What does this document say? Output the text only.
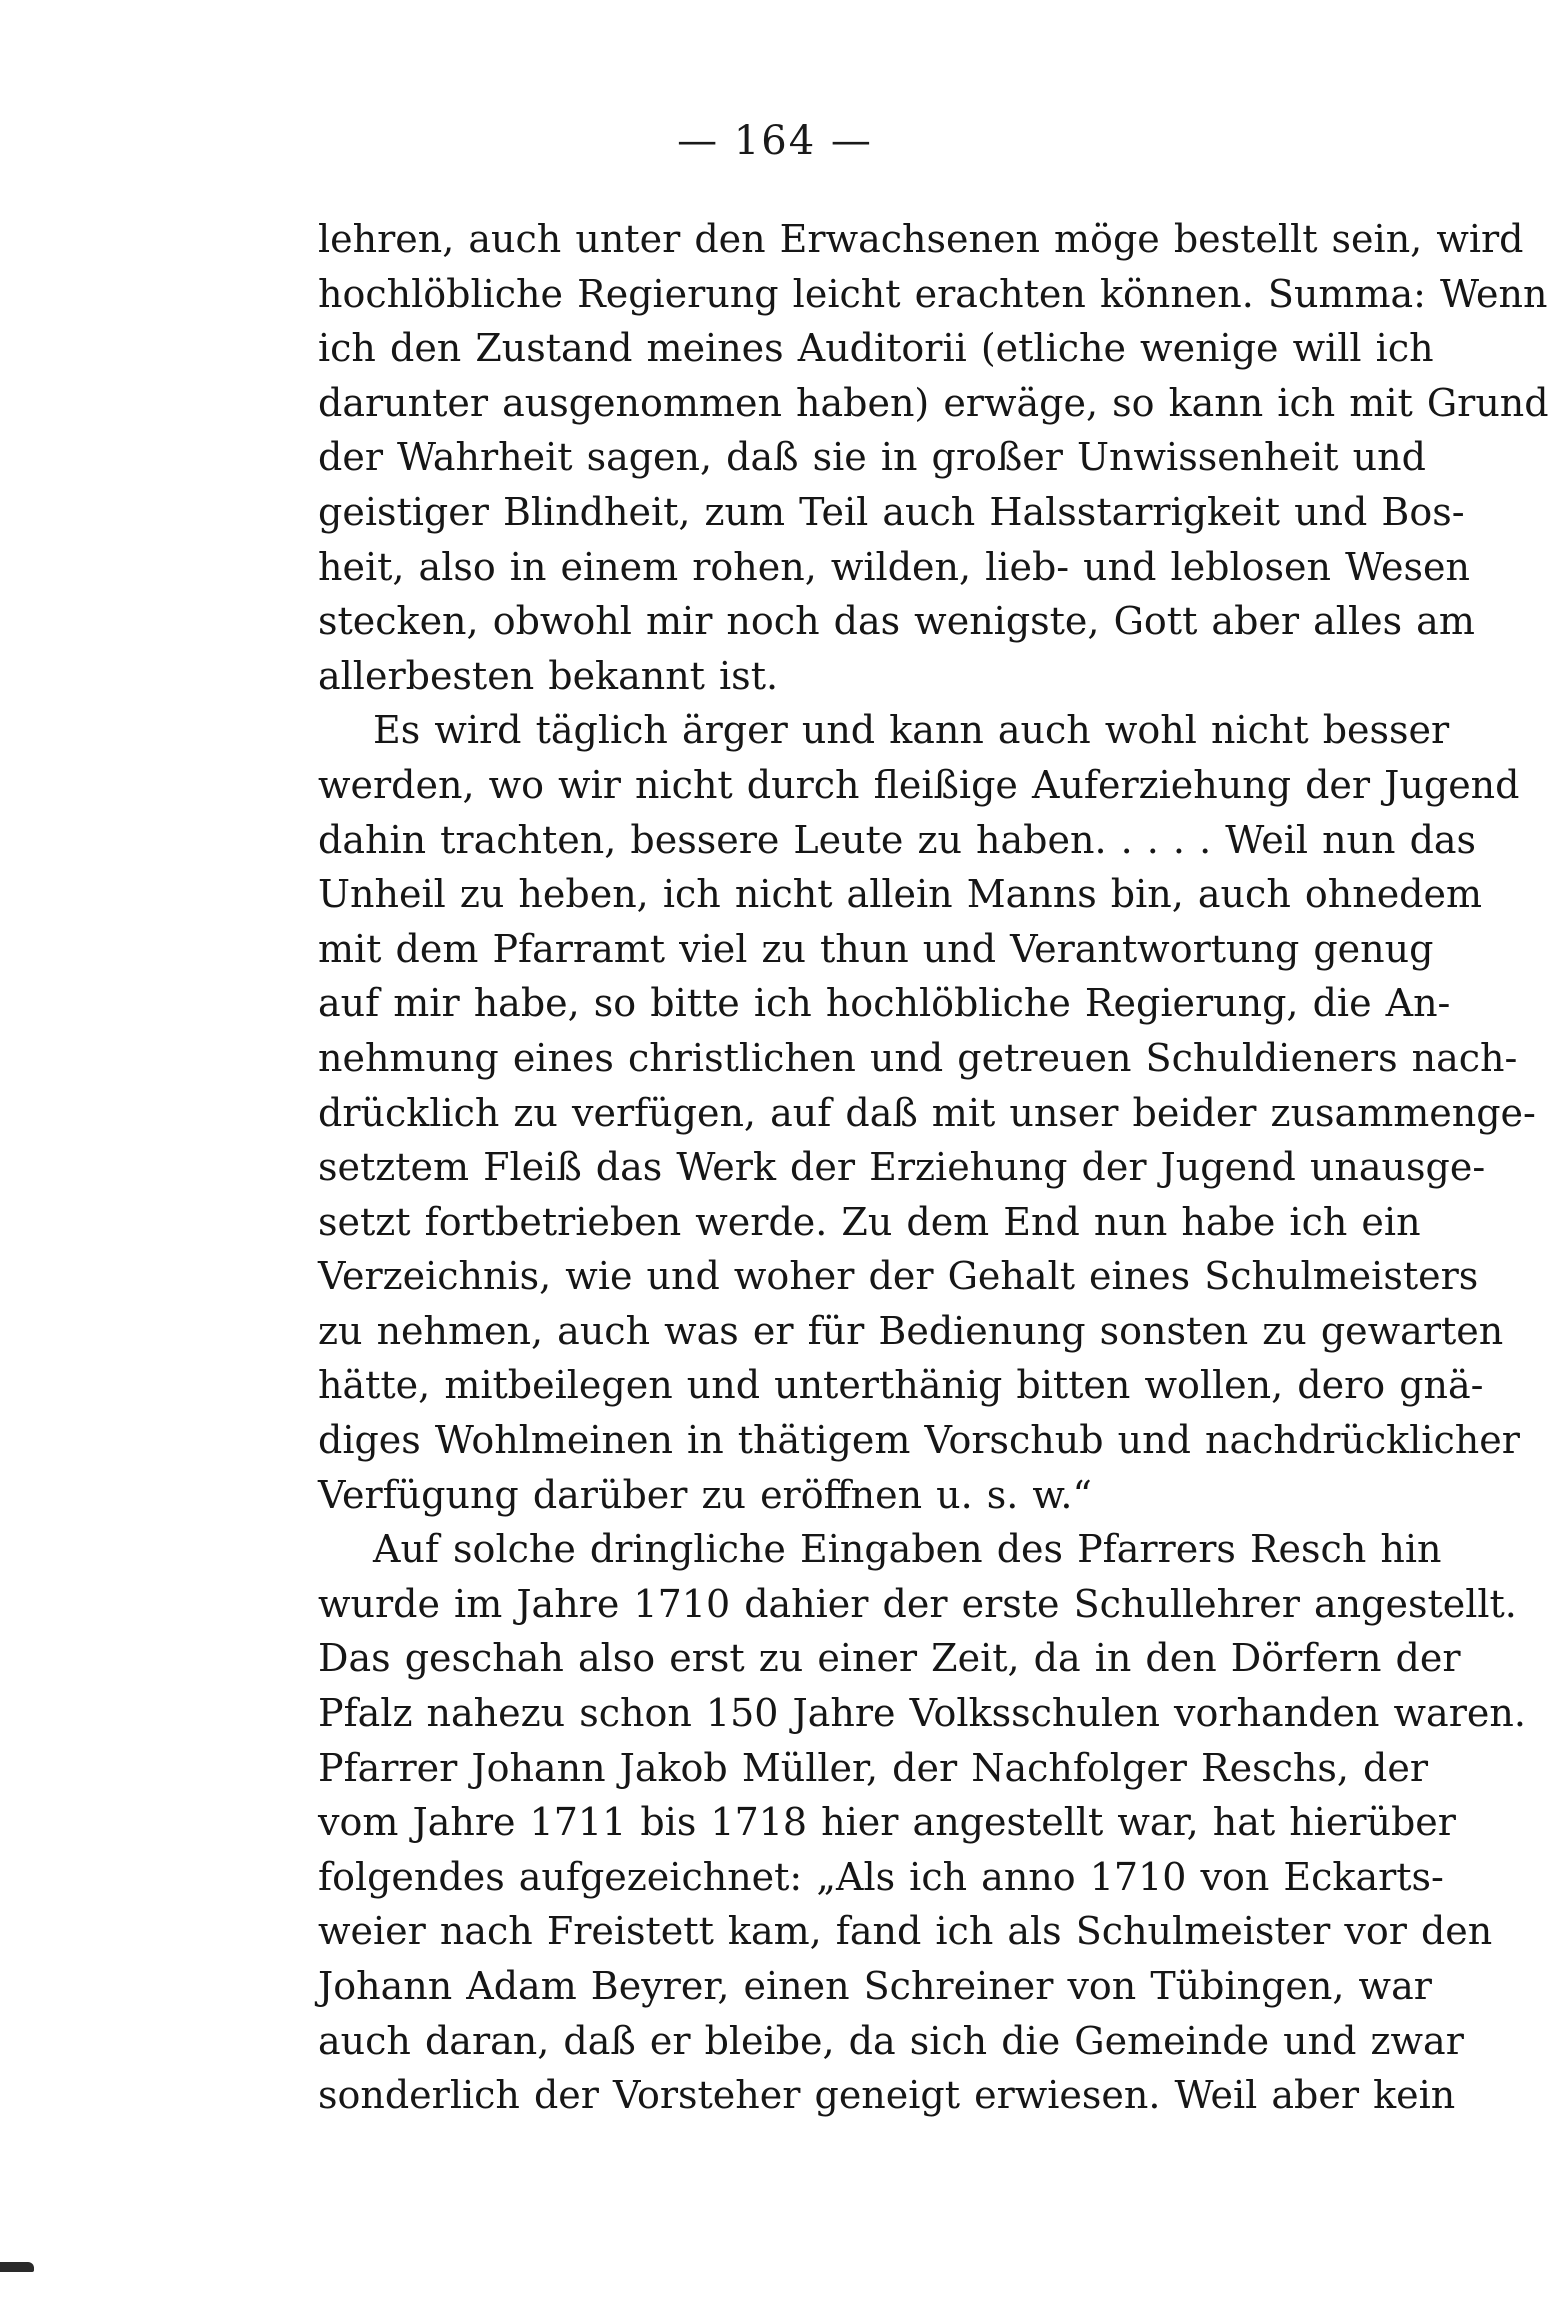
— 164 —
lehren, auch unter den Erwachsenen möge bestellt sein, wird
hochlöbliche Regierung leicht erachten können. Summa: Wenn
ich den Zustand meines Auditorii (etliche wenige will ich
darunter ausgenommen haben) erwäge, so kann ich mit Grund
der Wahrheit sagen, daß sie in großer Unwissenheit und
geistiger Blindheit, zum Teil auch Halsstarrigkeit und Bos-
heit, also in einem rohen, wilden, lieb- und leblosen Wesen
stecken, obwohl mir noch das wenigste, Gott aber alles am
allerbesten bekannt ist.
Es wird täglich ärger und kann auch wohl nicht besser
werden, wo wir nicht durch fleißige Auferziehung der Jugend
dahin trachten, bessere Leute zu haben. . . . . Weil nun das
Unheil zu heben, ich nicht allein Manns bin, auch ohnedem
mit dem Pfarramt viel zu thun und Verantwortung genug
auf mir habe, so bitte ich hochlöbliche Regierung, die An-
nehmung eines christlichen und getreuen Schuldieners nach-
drücklich zu verfügen, auf daß mit unser beider zusammenge-
setztem Fleiß das Werk der Erziehung der Jugend unausge-
setzt fortbetrieben werde. Zu dem End nun habe ich ein
Verzeichnis, wie und woher der Gehalt eines Schulmeisters
zu nehmen, auch was er für Bedienung sonsten zu gewarten
hätte, mitbeilegen und unterthänig bitten wollen, dero gnä-
diges Wohlmeinen in thätigem Vorschub und nachdrücklicher
Verfügung darüber zu eröffnen u. s. w.“
Auf solche dringliche Eingaben des Pfarrers Resch hin
wurde im Jahre 1710 dahier der erste Schullehrer angestellt.
Das geschah also erst zu einer Zeit, da in den Dörfern der
Pfalz nahezu schon 150 Jahre Volksschulen vorhanden waren.
Pfarrer Johann Jakob Müller, der Nachfolger Reschs, der
vom Jahre 1711 bis 1718 hier angestellt war, hat hierüber
folgendes aufgezeichnet: „Als ich anno 1710 von Eckarts-
weier nach Freistett kam, fand ich als Schulmeister vor den
Johann Adam Beyrer, einen Schreiner von Tübingen, war
auch daran, daß er bleibe, da sich die Gemeinde und zwar
sonderlich der Vorsteher geneigt erwiesen. Weil aber kein
